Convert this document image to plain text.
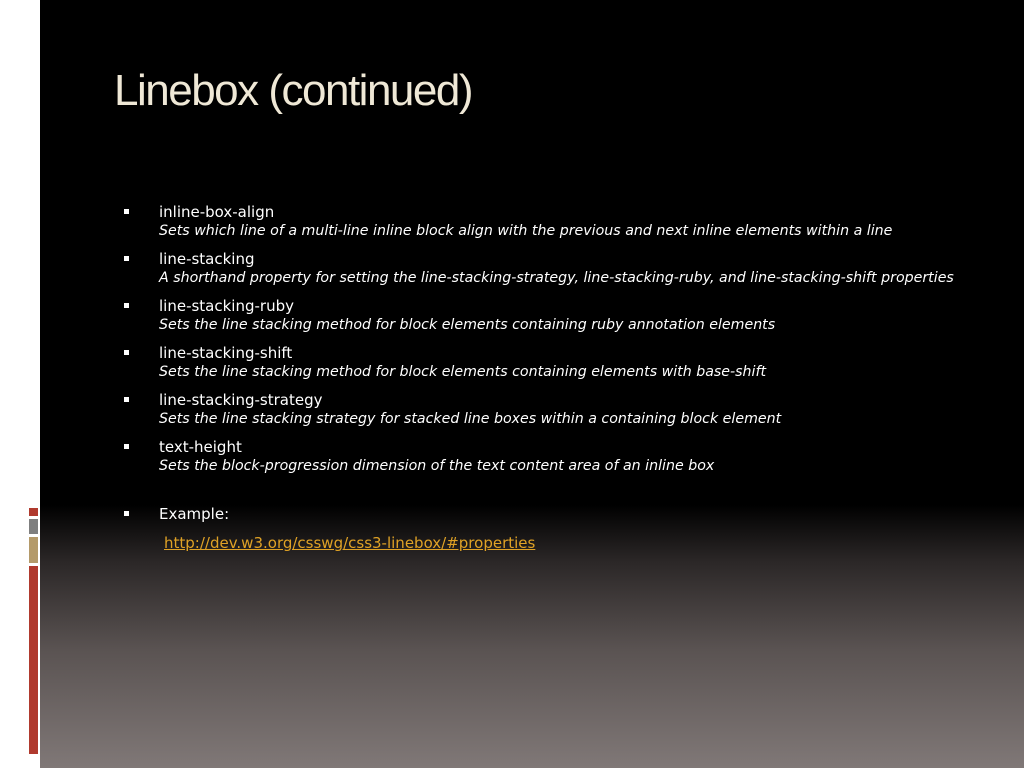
Linebox (continued)
inline-box-align
Sets which line of a multi-line inline block align with the previous and next inline elements within a line
line-stacking
A shorthand property for setting the line-stacking-strategy, line-stacking-ruby, and line-stacking-shift properties
line-stacking-ruby
Sets the line stacking method for block elements containing ruby annotation elements
line-stacking-shift
Sets the line stacking method for block elements containing elements with base-shift
line-stacking-strategy
Sets the line stacking strategy for stacked line boxes within a containing block element
text-height
Sets the block-progression dimension of the text content area of an inline box
Example:
http://dev.w3.org/csswg/css3-linebox/#properties
